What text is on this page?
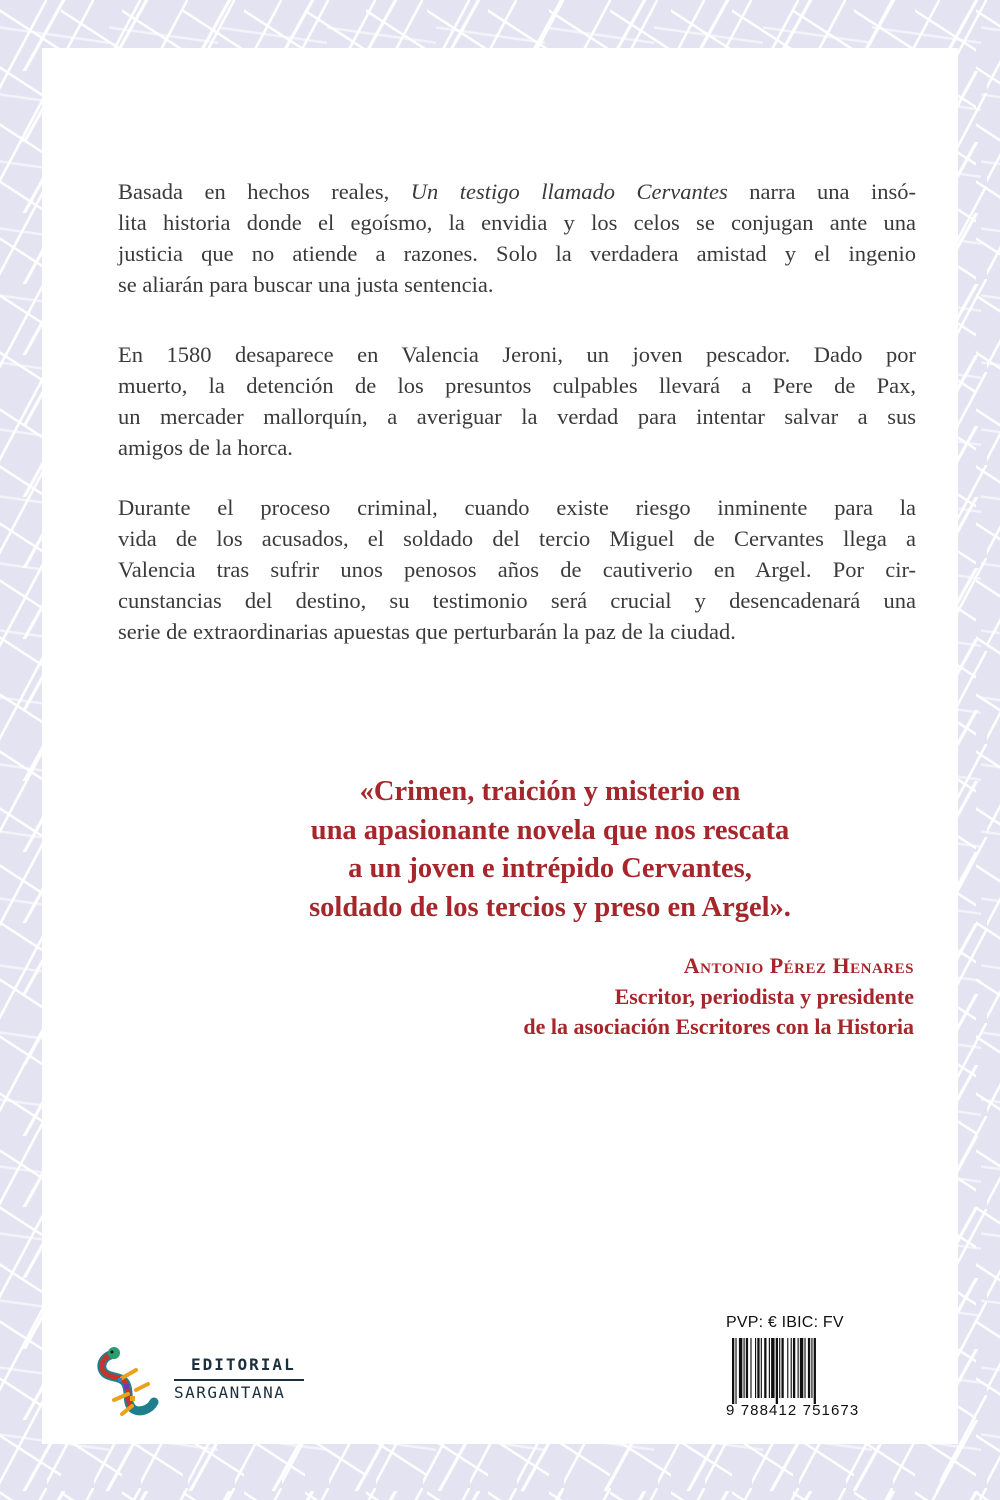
Basada en hechos reales, Un testigo llamado Cervantes narra una insó-
lita historia donde el egoísmo, la envidia y los celos se conjugan ante una
justicia que no atiende a razones. Solo la verdadera amistad y el ingenio
se aliarán para buscar una justa sentencia.
En 1580 desaparece en Valencia Jeroni, un joven pescador. Dado por
muerto, la detención de los presuntos culpables llevará a Pere de Pax,
un mercader mallorquín, a averiguar la verdad para intentar salvar a sus
amigos de la horca.
Durante el proceso criminal, cuando existe riesgo inminente para la
vida de los acusados, el soldado del tercio Miguel de Cervantes llega a
Valencia tras sufrir unos penosos años de cautiverio en Argel. Por cir-
cunstancias del destino, su testimonio será crucial y desencadenará una
serie de extraordinarias apuestas que perturbarán la paz de la ciudad.
«Crimen, traición y misterio en
una apasionante novela que nos rescata
a un joven e intrépido Cervantes,
soldado de los tercios y preso en Argel».
Antonio Pérez Henares
Escritor, periodista y presidente
de la asociación Escritores con la Historia
EDITORIAL
SARGANTANA
PVP: € IBIC: FV
9 788412 751673
